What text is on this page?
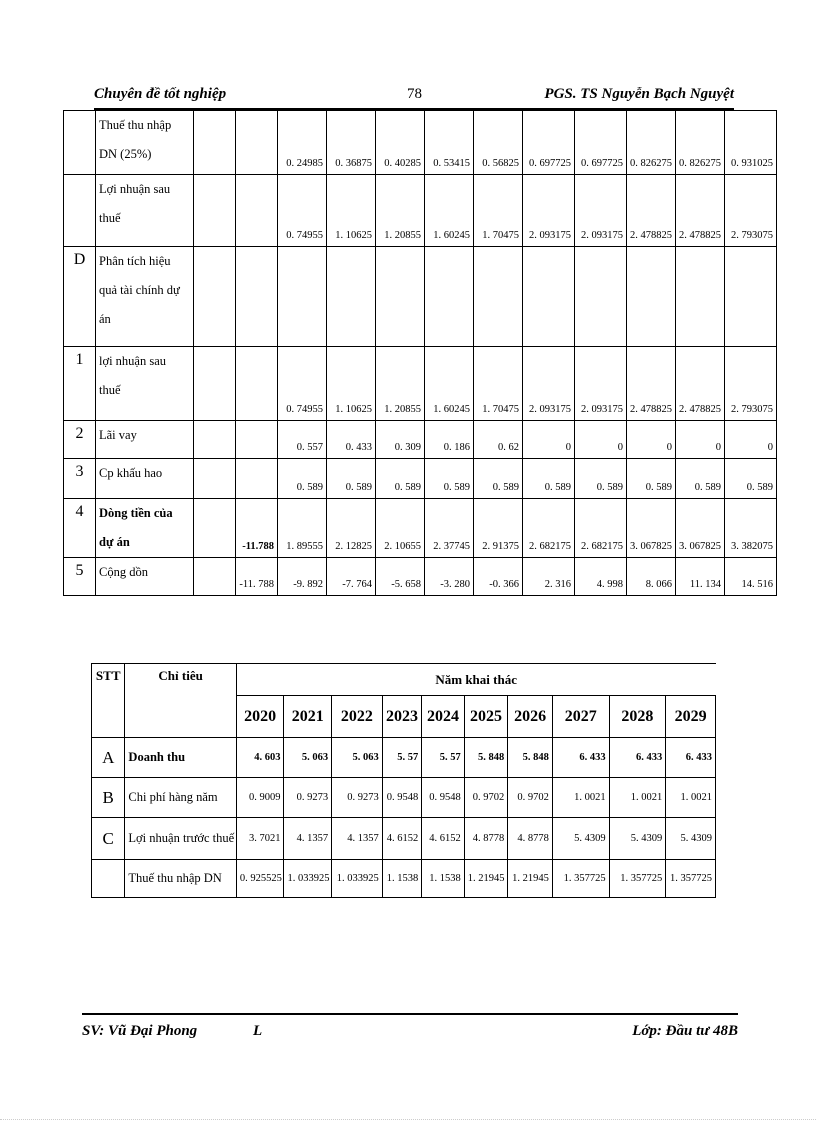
Chuyên đề tốt nghiệp	78	PGS. TS Nguyễn Bạch Nguyệt
	Thuế thu nhập DN (25%)			0. 24985	0. 36875	0. 40285	0. 53415	0. 56825	0. 697725	0. 697725	0. 826275	0. 826275	0. 931025
	Lợi nhuận sau thuế			0. 74955	1. 10625	1. 20855	1. 60245	1. 70475	2. 093175	2. 093175	2. 478825	2. 478825	2. 793075
D	Phân tích hiệu quả tài chính dự án												
1	lợi nhuận sau thuế			0. 74955	1. 10625	1. 20855	1. 60245	1. 70475	2. 093175	2. 093175	2. 478825	2. 478825	2. 793075
2	Lãi vay			0. 557	0. 433	0. 309	0. 186	0. 62	0	0	0	0	0
3	Cp khấu hao			0. 589	0. 589	0. 589	0. 589	0. 589	0. 589	0. 589	0. 589	0. 589	0. 589
4	Dòng tiền của dự án		-11.788	1. 89555	2. 12825	2. 10655	2. 37745	2. 91375	2. 682175	2. 682175	3. 067825	3. 067825	3. 382075
5	Cộng dồn		-11. 788	-9. 892	-7. 764	-5. 658	-3. 280	-0. 366	2. 316	4. 998	8. 066	11. 134	14. 516
STT	Chỉ tiêu	Năm khai thác									
		2020	2021	2022	2023	2024	2025	2026	2027	2028	2029
A	Doanh thu	4. 603	5. 063	5. 063	5. 57	5. 57	5. 848	5. 848	6. 433	6. 433	6. 433
B	Chi phí hàng năm	0. 9009	0. 9273	0. 9273	0. 9548	0. 9548	0. 9702	0. 9702	1. 0021	1. 0021	1. 0021
C	Lợi nhuận trước thuế	3. 7021	4. 1357	4. 1357	4. 6152	4. 6152	4. 8778	4. 8778	5. 4309	5. 4309	5. 4309
	Thuế thu nhập DN	0. 925525	1. 033925	1. 033925	1. 1538	1. 1538	1. 21945	1. 21945	1. 357725	1. 357725	1. 357725
SV: Vũ Đại Phong	L	Lớp: Đầu tư 48B
